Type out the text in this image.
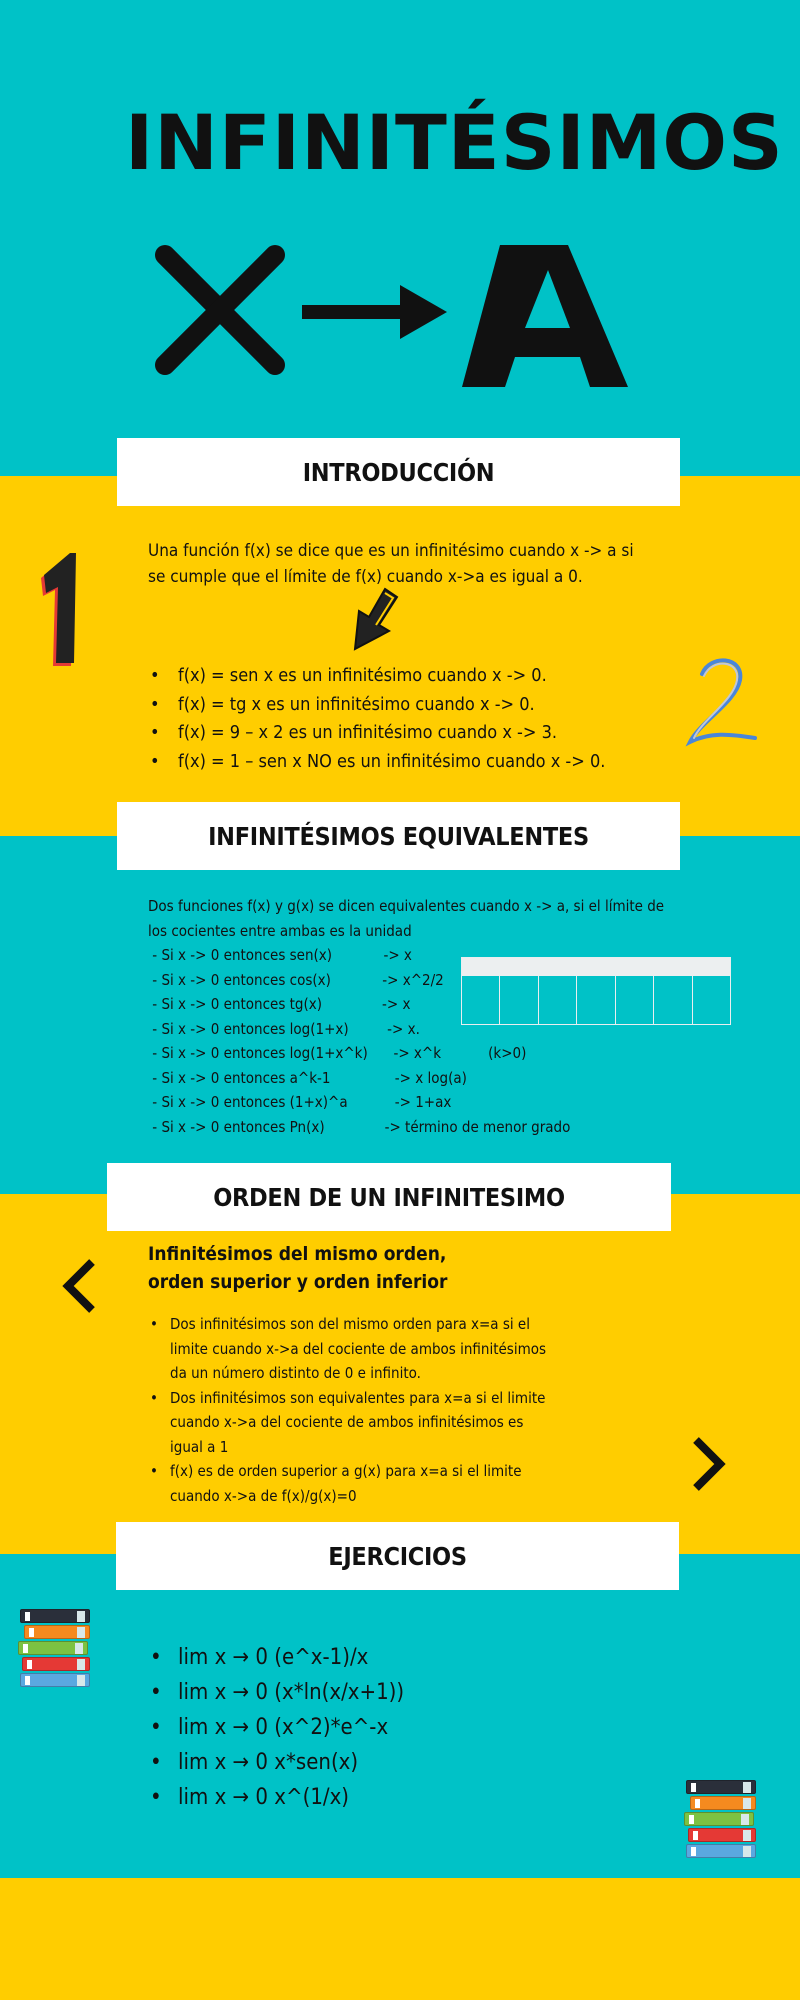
INFINITÉSIMOS
INTRODUCCIÓN
Una función f(x) se dice que es un infinitésimo cuando x -> a si se cumple que el límite de f(x) cuando x->a es igual a 0.
• f(x) = sen x es un infinitésimo cuando x -> 0.
• f(x) = tg x es un infinitésimo cuando x -> 0.
• f(x) = 9 – x 2 es un infinitésimo cuando x -> 3.
• f(x) = 1 – sen x NO es un infinitésimo cuando x -> 0.
INFINITÉSIMOS EQUIVALENTES
Dos funciones f(x) y g(x) se dicen equivalentes cuando x -> a, si el límite de los cocientes entre ambas es la unidad
- Si x -> 0 entonces sen(x)            -> x
- Si x -> 0 entonces cos(x)            -> x^2/2
- Si x -> 0 entonces tg(x)              -> x
- Si x -> 0 entonces log(1+x)         -> x.
- Si x -> 0 entonces log(1+x^k)      -> x^k           (k>0)
- Si x -> 0 entonces a^k-1               -> x log(a)
- Si x -> 0 entonces (1+x)^a           -> 1+ax
- Si x -> 0 entonces Pn(x)              -> término de menor grado
ORDEN DE UN INFINITESIMO
Infinitésimos del mismo orden, orden superior y orden inferior
• Dos infinitésimos son del mismo orden para x=a si el limite cuando x->a del cociente de ambos infinitésimos da un número distinto de 0 e infinito.
• Dos infinitésimos son equivalentes para x=a si el limite cuando x->a del cociente de ambos infinitésimos es igual a 1
• f(x) es de orden superior a g(x) para x=a si el limite cuando x->a de f(x)/g(x)=0
EJERCICIOS
• lim x → 0 (e^x-1)/x
• lim x → 0 (x*ln(x/x+1))
• lim x → 0 (x^2)*e^-x
• lim x → 0 x*sen(x)
• lim x → 0 x^(1/x)
